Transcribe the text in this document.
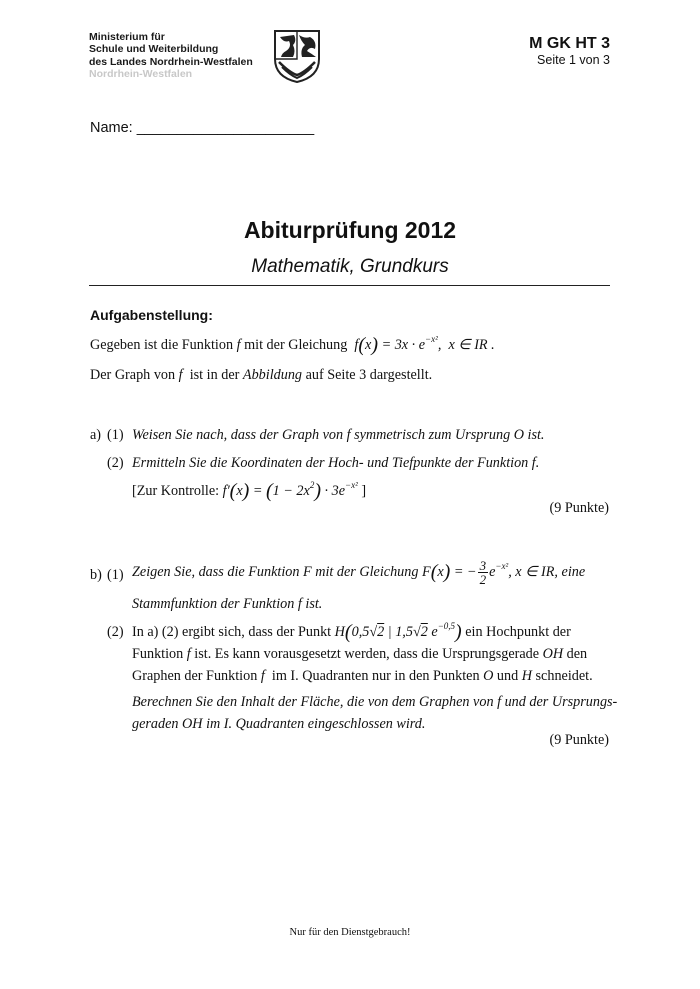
Ministerium für
Schule und Weiterbildung
des Landes Nordrhein-Westfalen
Nordrhein-Westfalen
M GK HT 3
Seite 1 von 3
Name: ______________________
Abiturprüfung 2012
Mathematik, Grundkurs
Aufgabenstellung:
Gegeben ist die Funktion f mit der Gleichung  $f(x) = 3x \cdot e^{-x^2}$,  x ∈ IR .
Der Graph von f ist in der Abbildung auf Seite 3 dargestellt.
a) (1) Weisen Sie nach, dass der Graph von f symmetrisch zum Ursprung O ist.
(2) Ermitteln Sie die Koordinaten der Hoch- und Tiefpunkte der Funktion f.
[Zur Kontrolle: $f'(x) = (1 - 2x^2) \cdot 3e^{-x^2}$ ]
(9 Punkte)
b) (1) Zeigen Sie, dass die Funktion F mit der Gleichung F(x) = − $\frac{3}{2} e^{-x^2}$, x ∈ IR, eine
Stammfunktion der Funktion f ist.
(2) In a) (2) ergibt sich, dass der Punkt H(0,5√2 | 1,5√2 $e^{-0,5}$) ein Hochpunkt der
Funktion f ist. Es kann vorausgesetzt werden, dass die Ursprungsgerade OH den
Graphen der Funktion f im I. Quadranten nur in den Punkten O und H schneidet.
Berechnen Sie den Inhalt der Fläche, die von dem Graphen von f und der Ursprungs-
geraden OH im I. Quadranten eingeschlossen wird.
(9 Punkte)
Nur für den Dienstgebrauch!
